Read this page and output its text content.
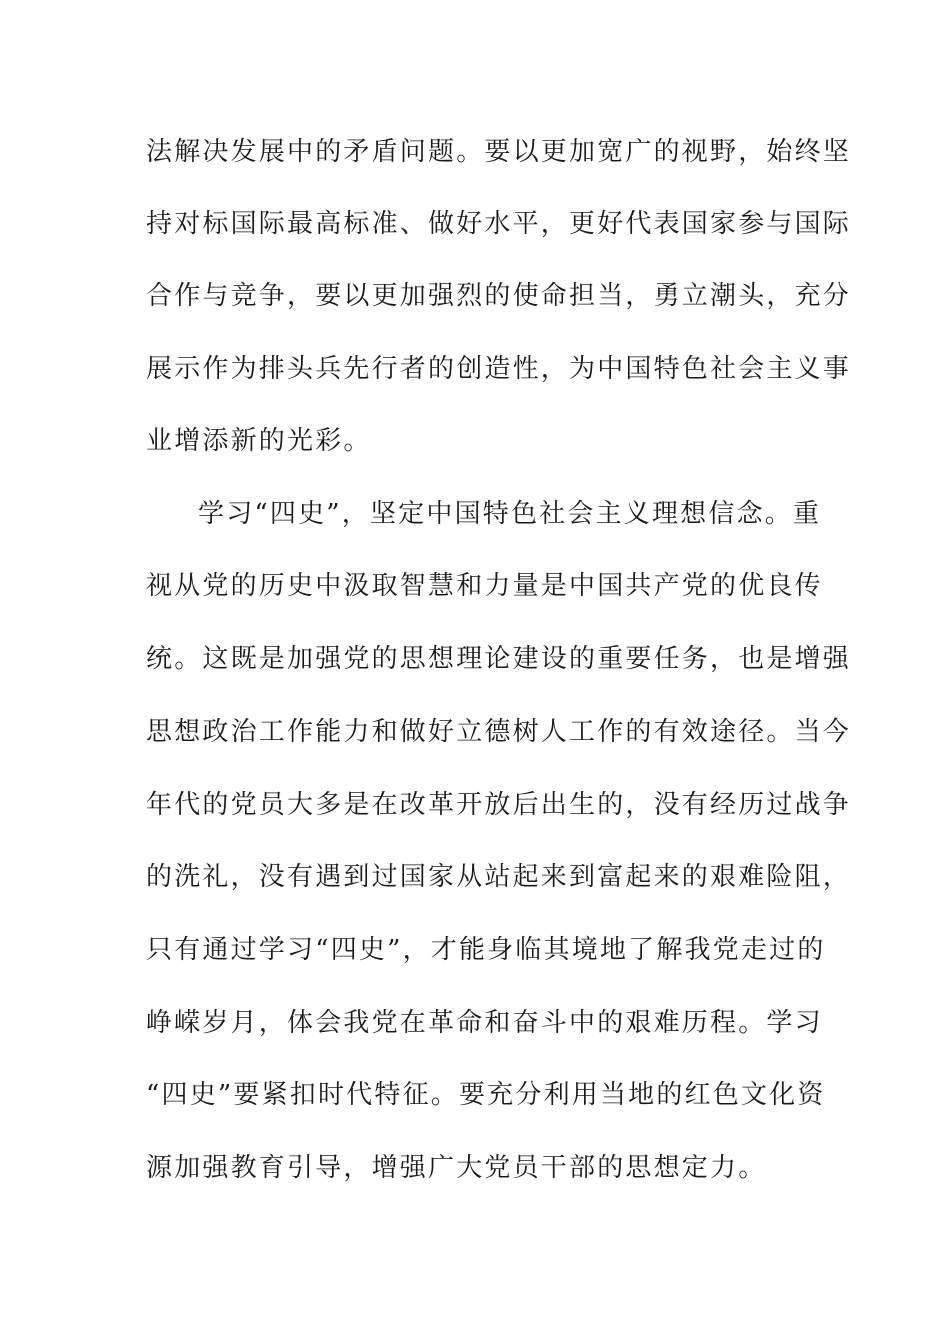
法解决发展中的矛盾问题。要以更加宽广的视野，始终坚
持对标国际最高标准、做好水平，更好代表国家参与国际
合作与竞争，要以更加强烈的使命担当，勇立潮头，充分
展示作为排头兵先行者的创造性，为中国特色社会主义事
业增添新的光彩。
学习“四史”，坚定中国特色社会主义理想信念。重
视从党的历史中汲取智慧和力量是中国共产党的优良传
统。这既是加强党的思想理论建设的重要任务，也是增强
思想政治工作能力和做好立德树人工作的有效途径。当今
年代的党员大多是在改革开放后出生的，没有经历过战争
的洗礼，没有遇到过国家从站起来到富起来的艰难险阻，
只有通过学习“四史”，才能身临其境地了解我党走过的
峥嵘岁月，体会我党在革命和奋斗中的艰难历程。学习
“四史”要紧扣时代特征。要充分利用当地的红色文化资
源加强教育引导，增强广大党员干部的思想定力。
